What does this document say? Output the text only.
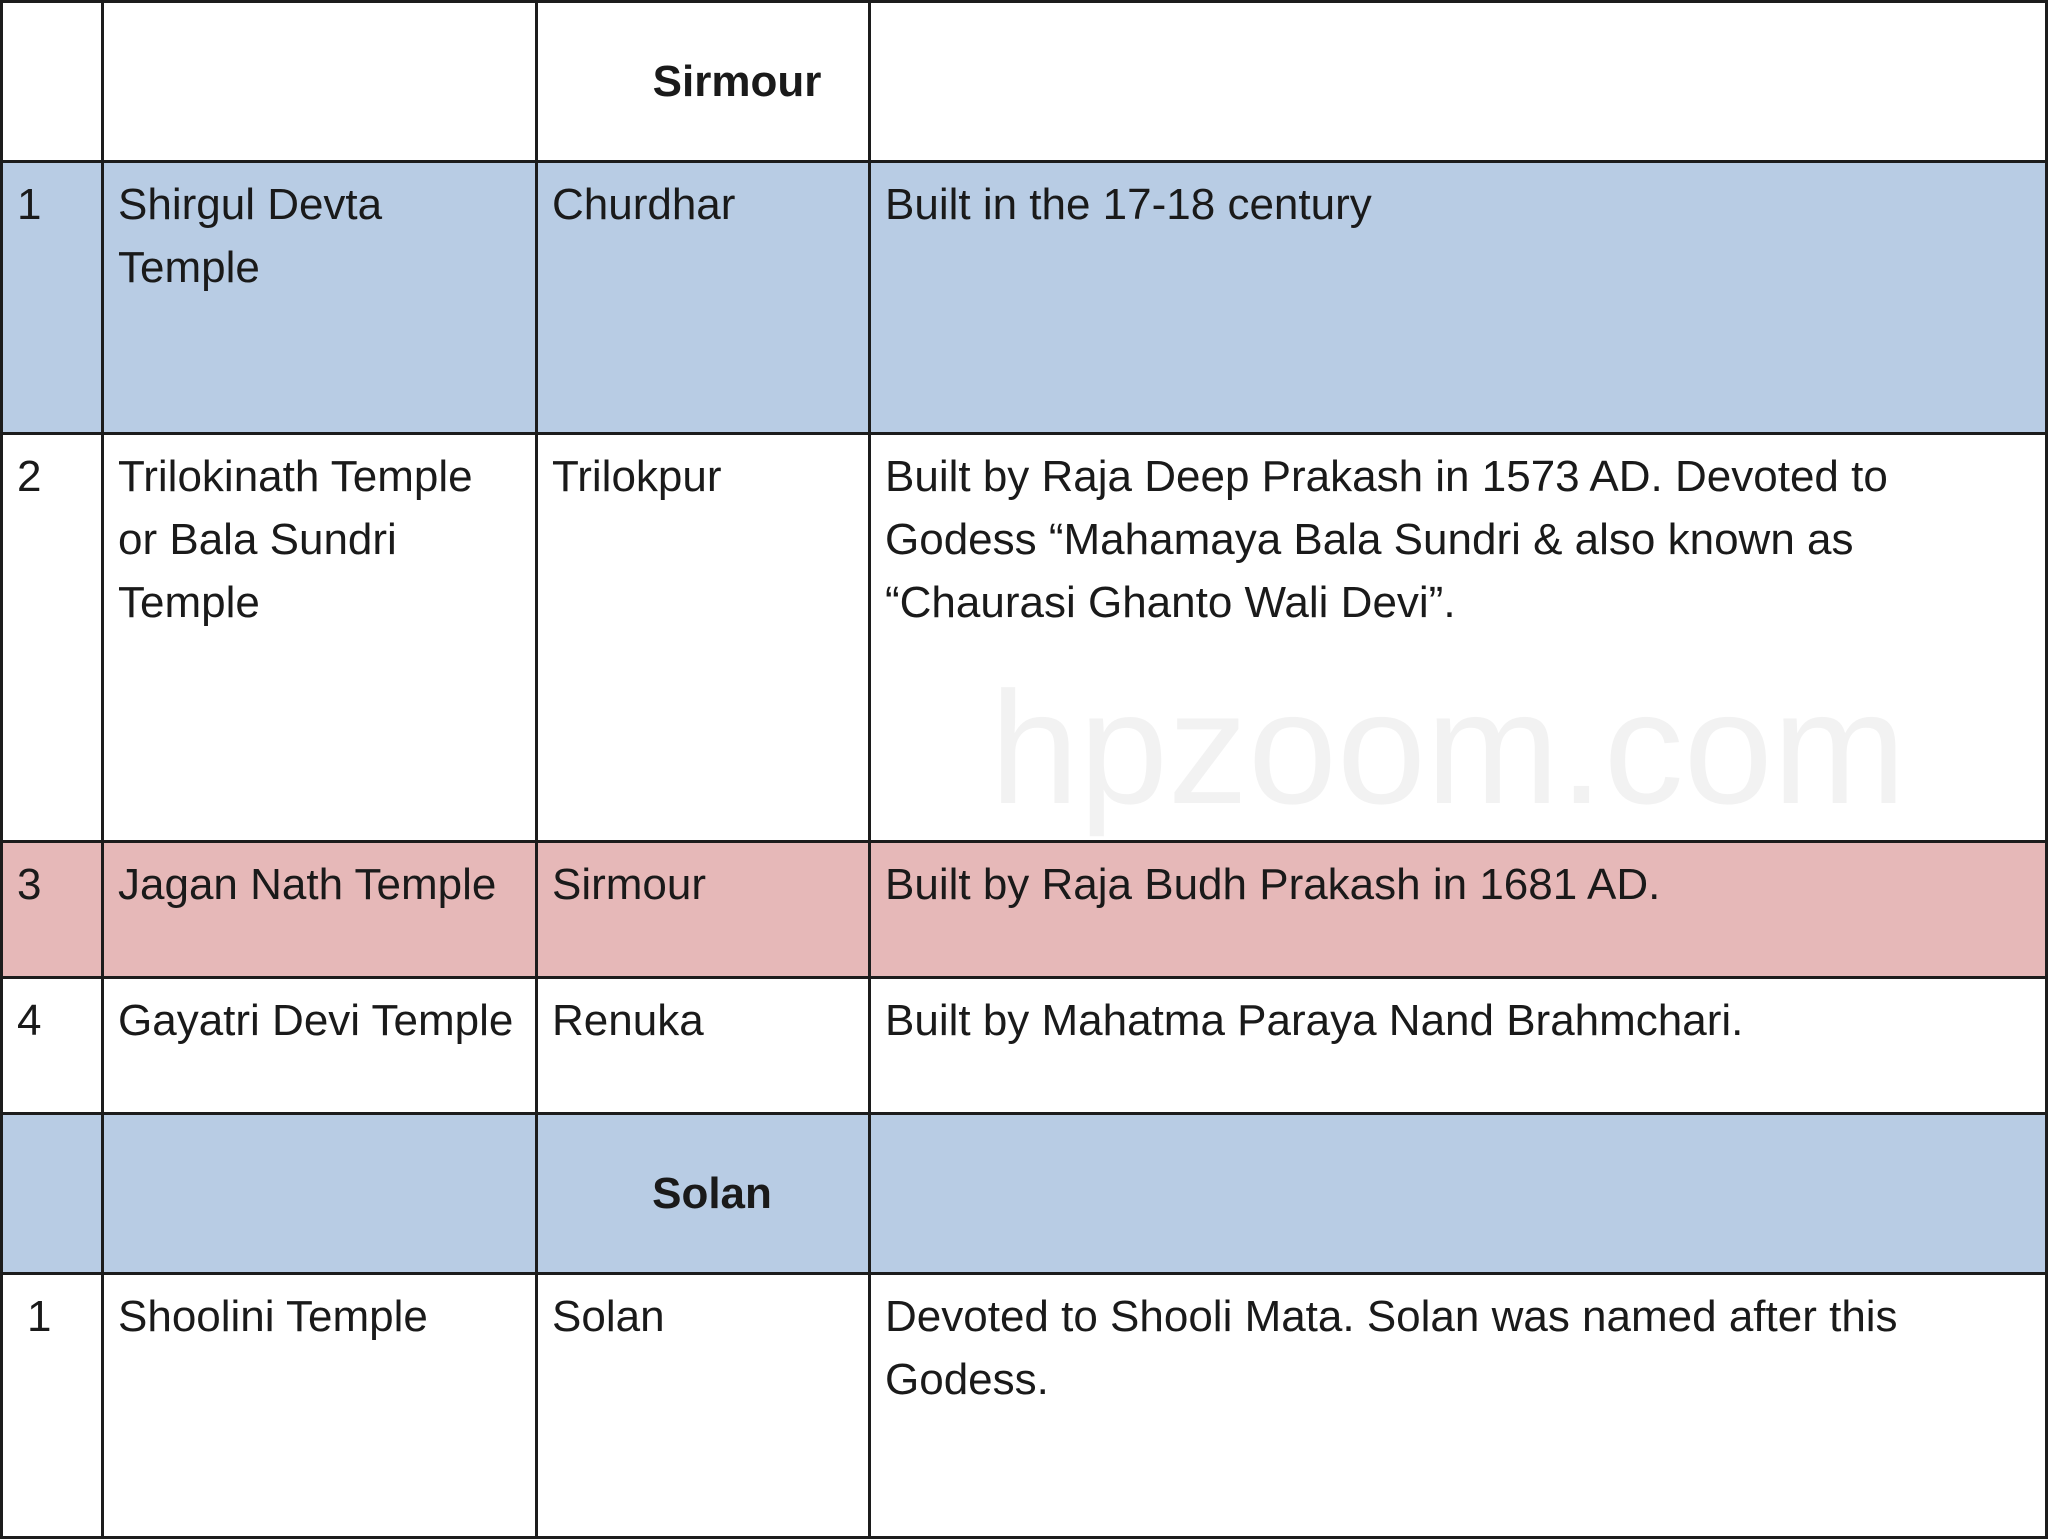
		Sirmour	
1	Shirgul Devta Temple	Churdhar	Built in the 17-18 century
2	Trilokinath Temple or Bala Sundri Temple	Trilokpur	Built by Raja Deep Prakash in 1573 AD. Devoted to Godess “Mahamaya Bala Sundri & also known as “Chaurasi Ghanto Wali Devi”.
3	Jagan Nath Temple	Sirmour	Built by Raja Budh Prakash in 1681 AD.
4	Gayatri Devi Temple	Renuka	Built by Mahatma Paraya Nand Brahmchari.
		Solan	
1	Shoolini Temple	Solan	Devoted to Shooli Mata. Solan was named after this Godess.
